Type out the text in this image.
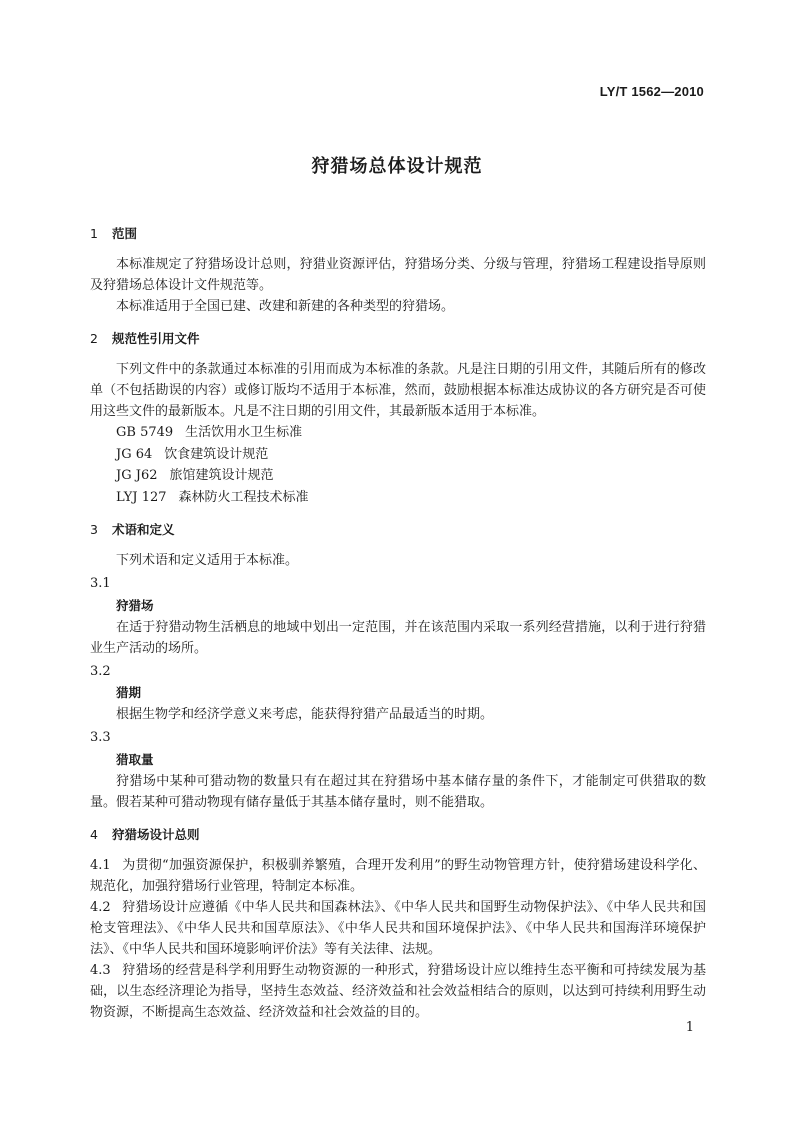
LY/T 1562—2010
狩猎场总体设计规范
1 范围

本标准规定了狩猎场设计总则，狩猎业资源评估，狩猎场分类、分级与管理，狩猎场工程建设指导原则及狩猎场总体设计文件规范等。

本标准适用于全国已建、改建和新建的各种类型的狩猎场。

2 规范性引用文件

下列文件中的条款通过本标准的引用而成为本标准的条款。凡是注日期的引用文件，其随后所有的修改单（不包括勘误的内容）或修订版均不适用于本标准，然而，鼓励根据本标准达成协议的各方研究是否可使用这些文件的最新版本。凡是不注日期的引用文件，其最新版本适用于本标准。

GB 5749 生活饮用水卫生标准
JG 64 饮食建筑设计规范
JG J62 旅馆建筑设计规范
LYJ 127 森林防火工程技术标准
3 术语和定义

下列术语和定义适用于本标准。

3.1
狩猎场

在适于狩猎动物生活栖息的地域中划出一定范围，并在该范围内采取一系列经营措施，以利于进行狩猎业生产活动的场所。

3.2
猎期

根据生物学和经济学意义来考虑，能获得狩猎产品最适当的时期。

3.3
猎取量

狩猎场中某种可猎动物的数量只有在超过其在狩猎场中基本储存量的条件下，才能制定可供猎取的数量。假若某种可猎动物现有储存量低于其基本储存量时，则不能猎取。

4 狩猎场设计总则

4.1 为贯彻“加强资源保护，积极驯养繁殖，合理开发利用”的野生动物管理方针，使狩猎场建设科学化、规范化，加强狩猎场行业管理，特制定本标准。

4.2 狩猎场设计应遵循《中华人民共和国森林法》、《中华人民共和国野生动物保护法》、《中华人民共和国枪支管理法》、《中华人民共和国草原法》、《中华人民共和国环境保护法》、《中华人民共和国海洋环境保护法》、《中华人民共和国环境影响评价法》等有关法律、法规。

4.3 狩猎场的经营是科学利用野生动物资源的一种形式，狩猎场设计应以维持生态平衡和可持续发展为基础，以生态经济理论为指导，坚持生态效益、经济效益和社会效益相结合的原则，以达到可持续利用野生动物资源，不断提高生态效益、经济效益和社会效益的目的。

1
